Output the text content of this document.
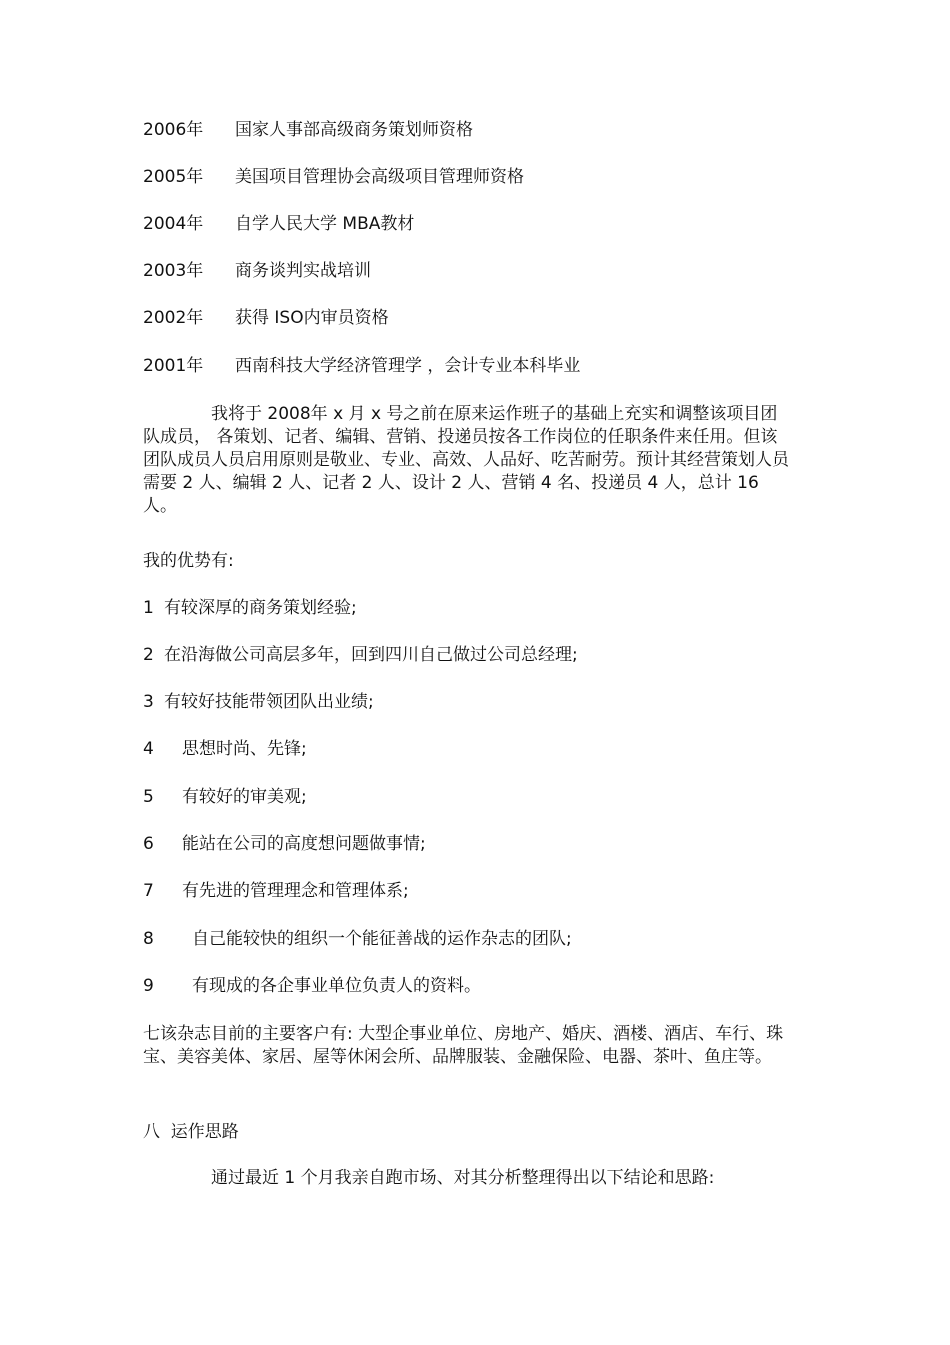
2006年 国家人事部高级商务策划师资格
2005年 美国项目管理协会高级项目管理师资格
2004年 自学人民大学 MBA教材
2003年 商务谈判实战培训
2002年 获得 ISO内审员资格
2001年 西南科技大学经济管理学 ，会计专业本科毕业
我将于 2008年 x 月 x 号之前在原来运作班子的基础上充实和调整该项目团队成员， 各策划、记者、编辑、营销、投递员按各工作岗位的任职条件来任用。但该团队成员人员启用原则是敬业、专业、高效、人品好、吃苦耐劳。预计其经营策划人员需要 2 人、编辑 2 人、记者 2 人、设计 2 人、营销 4 名、投递员 4 人，总计 16 人。
我的优势有:
1 有较深厚的商务策划经验;
2 在沿海做公司高层多年，回到四川自己做过公司总经理;
3 有较好技能带领团队出业绩;
4 思想时尚、先锋;
5 有较好的审美观;
6 能站在公司的高度想问题做事情;
7 有先进的管理理念和管理体系;
8 自己能较快的组织一个能征善战的运作杂志的团队;
9 有现成的各企事业单位负责人的资料。
七该杂志目前的主要客户有: 大型企事业单位、房地产、婚庆、酒楼、酒店、车行、珠宝、美容美体、家居、屋等休闲会所、品牌服装、金融保险、电器、茶叶、鱼庄等。
八  运作思路
通过最近 1 个月我亲自跑市场、对其分析整理得出以下结论和思路:
